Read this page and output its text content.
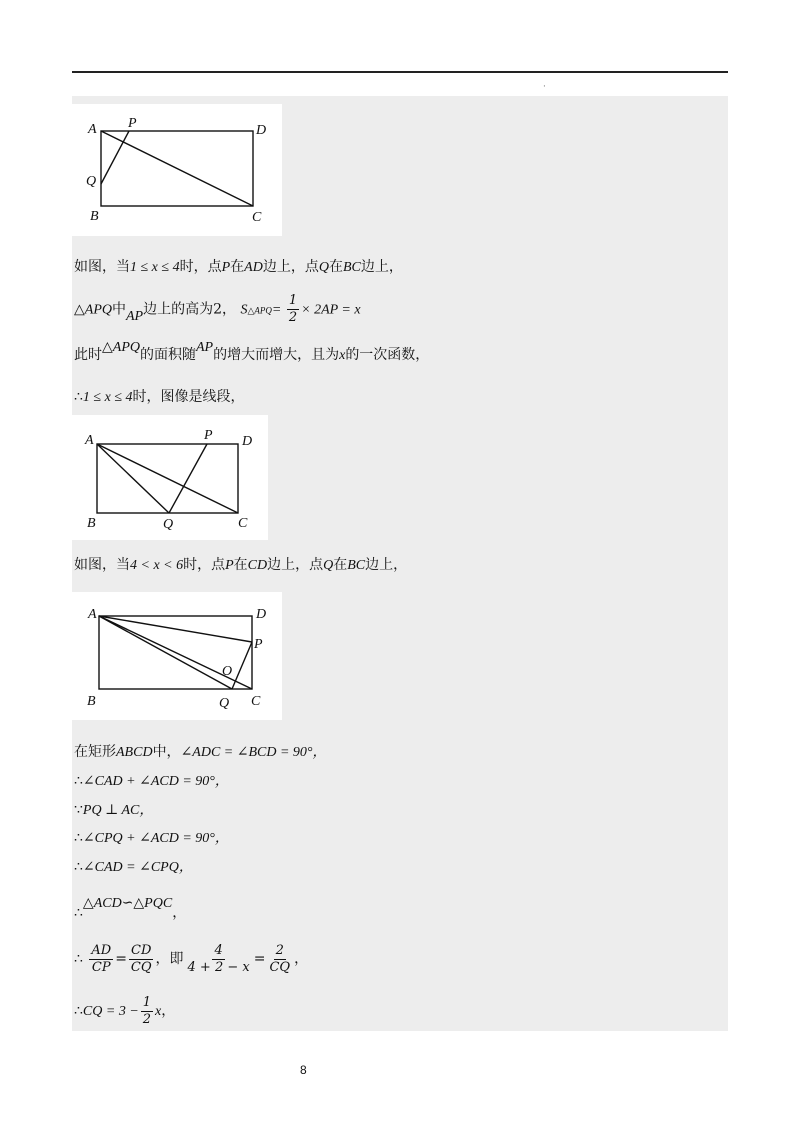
·
A P	D
Q
B	C
如图，当1 ≤ x ≤ 4时，点P在AD边上，点Q在BC边上，
△APQ中AP边上的高为2， S△APQ= $\frac{1}{2} \times 2AP = x$
此时△APQ的面积随AP的增大而增大，且为x的一次函数，
∴1 ≤ x ≤ 4时，图像是线段，
A	P D
B	Q	C
如图，当4 < x < 6时，点P在CD边上，点Q在BC边上，
A	D
P
O
B	Q C
在矩形ABCD中，∠ADC = ∠BCD = 90°，
∴∠CAD + ∠ACD = 90°，
∵PQ ⊥ AC，
∴∠CPQ + ∠ACD = 90°，
∴∠CAD = ∠CPQ，
∴△ACD∽△PQC，
∴ $\frac{AD}{CP} = \frac{CD}{CQ}$ ，即 $\frac{4}{4 + 2 - x} = \frac{2}{CQ}$ ，
∴CQ = $3 - \frac{1}{2}$ x，
8
